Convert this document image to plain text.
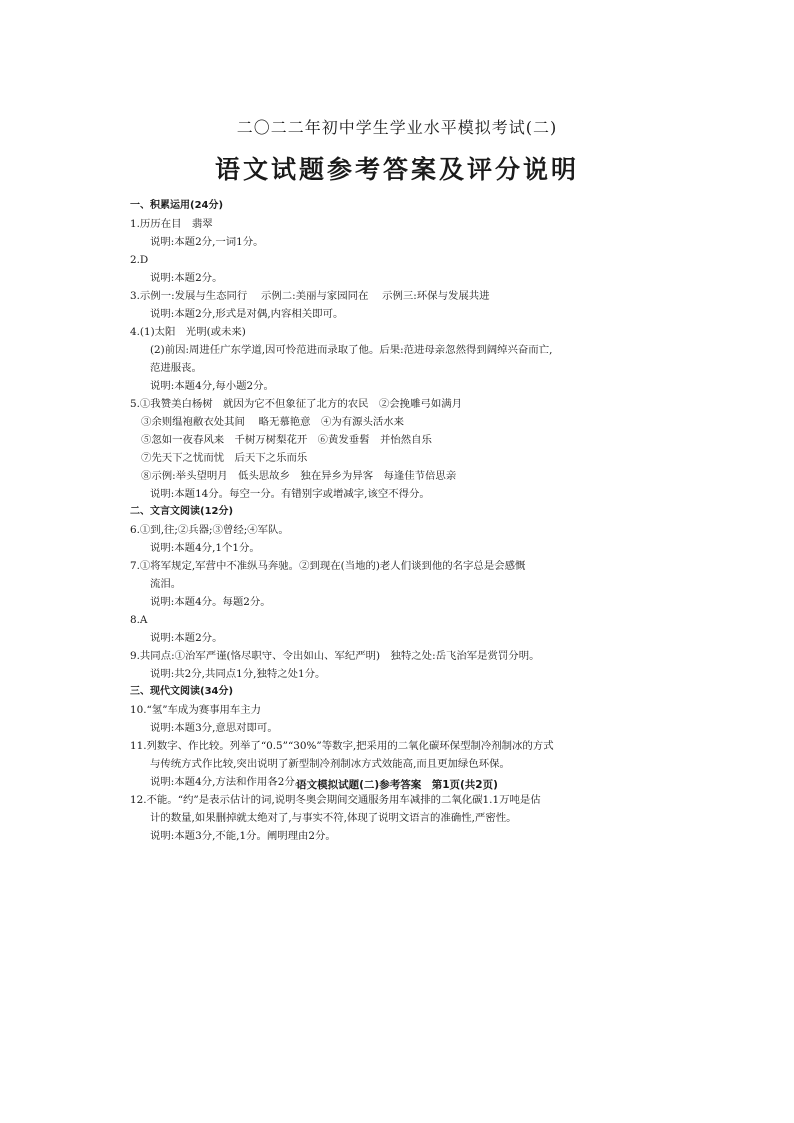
二〇二二年初中学生学业水平模拟考试(二)
语文试题参考答案及评分说明
一、积累运用(24分)
1.历历在目　翡翠
说明:本题2分,一词1分。
2.D
说明:本题2分。
3.示例一:发展与生态同行　 示例二:美丽与家园同在　 示例三:环保与发展共进
说明:本题2分,形式是对偶,内容相关即可。
4.(1)太阳　光明(或未来)
(2)前因:周进任广东学道,因可怜范进而录取了他。后果:范进母亲忽然得到阔绰兴奋而亡,
范进服丧。
说明:本题4分,每小题2分。
5.①我赞美白杨树　就因为它不但象征了北方的农民　②会挽雕弓如满月
③余则缊袍敝衣处其间　 略无慕艳意　④为有源头活水来
⑤忽如一夜春风来　千树万树梨花开　⑥黄发垂髫　并怡然自乐
⑦先天下之忧而忧　后天下之乐而乐
⑧示例:举头望明月　低头思故乡　独在异乡为异客　每逢佳节倍思亲
说明:本题14分。每空一分。有错别字或增减字,该空不得分。
二、文言文阅读(12分)
6.①到,往;②兵器;③曾经;④军队。
说明:本题4分,1个1分。
7.①将军规定,军营中不准纵马奔驰。②到现在(当地的)老人们谈到他的名字总是会感慨
流泪。
说明:本题4分。每题2分。
8.A
说明:本题2分。
9.共同点:①治军严谨(恪尽职守、令出如山、军纪严明)　独特之处:岳飞治军是赏罚分明。
说明:共2分,共同点1分,独特之处1分。
三、现代文阅读(34分)
10.“氢”车成为赛事用车主力
说明:本题3分,意思对即可。
11.列数字、作比较。列举了“0.5”“30%”等数字,把采用的二氧化碳环保型制冷剂制冰的方式
与传统方式作比较,突出说明了新型制冷剂制冰方式效能高,而且更加绿色环保。
说明:本题4分,方法和作用各2分。
12.不能。“约”是表示估计的词,说明冬奥会期间交通服务用车减排的二氧化碳1.1万吨是估
计的数量,如果删掉就太绝对了,与事实不符,体现了说明文语言的准确性,严密性。
说明:本题3分,不能,1分。阐明理由2分。
语文模拟试题(二)参考答案　第1页(共2页)
